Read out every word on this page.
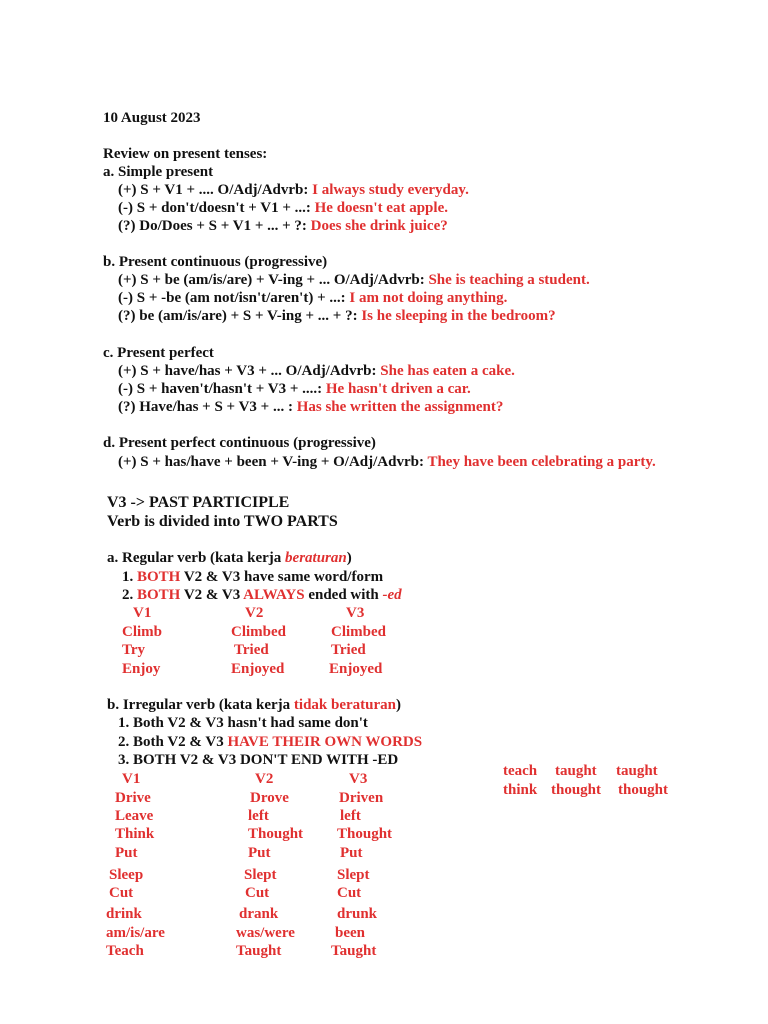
10 August 2023
Review on present tenses:
a. Simple present
(+) S + V1 + .... O/Adj/Advrb: I always study everyday.
(-) S + don't/doesn't + V1 + ...: He doesn't eat apple.
(?) Do/Does + S + V1 + ... + ?: Does she drink juice?
b. Present continuous (progressive)
(+) S + be (am/is/are) + V-ing + ... O/Adj/Advrb: She is teaching a student.
(-) S + -be (am not/isn't/aren't) + ...: I am not doing anything.
(?) be (am/is/are) + S + V-ing + ... + ?: Is he sleeping in the bedroom?
c. Present perfect
(+) S + have/has + V3 + ... O/Adj/Advrb: She has eaten a cake.
(-) S + haven't/hasn't + V3 + ....: He hasn't driven a car.
(?) Have/has + S + V3 + ... : Has she written the assignment?
d. Present perfect continuous (progressive)
(+) S + has/have + been + V-ing + O/Adj/Advrb: They have been celebrating a party.
V3 -> PAST PARTICIPLE
Verb is divided into TWO PARTS
a. Regular verb (kata kerja beraturan)
1. BOTH V2 & V3 have same word/form
2. BOTH V2 & V3 ALWAYS ended with -ed
V1	V2	V3
Climb	Climbed	Climbed
Try	Tried	Tried
Enjoy	Enjoyed	Enjoyed
b. Irregular verb (kata kerja tidak beraturan)
1. Both V2 & V3 hasn't had same don't
2. Both V2 & V3 HAVE THEIR OWN WORDS
3. BOTH V2 & V3 DON'T END WITH -ED
V1	V2	V3
Drive	Drove	Driven
Leave	left	left
Think	Thought Thought
Put	Put	Put
Sleep	Slept	Slept
Cut	Cut	Cut
drink	drank	drunk
am/is/are	was/were	been
Teach	Taught	Taught
teach taught taught
think thought thought
